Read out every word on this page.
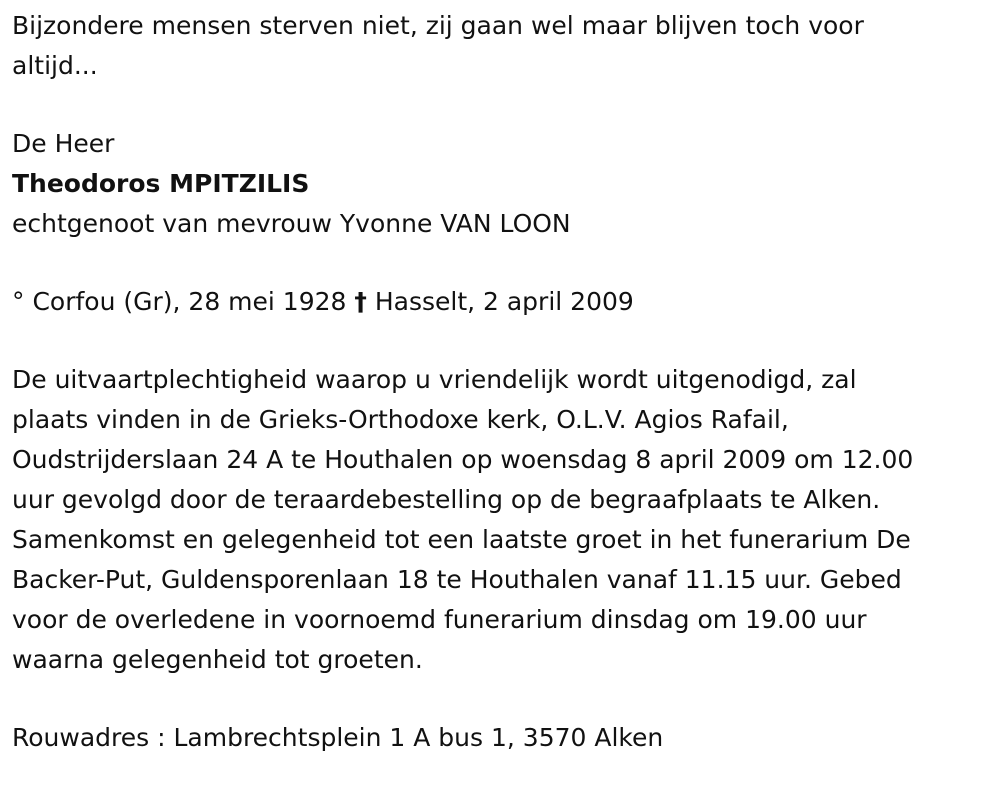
Bijzondere mensen sterven niet, zij gaan wel maar blijven toch voor
altijd...

De Heer

Theodoros MPITZILIS

echtgenoot van mevrouw Yvonne VAN LOON

° Corfou (Gr), 28 mei 1928 † Hasselt, 2 april 2009

De uitvaartplechtigheid waarop u vriendelijk wordt uitgenodigd, zal
plaats vinden in de Grieks-Orthodoxe kerk, O.L.V. Agios Rafail,
Oudstrijderslaan 24 A te Houthalen op woensdag 8 april 2009 om 12.00
uur gevolgd door de teraardebestelling op de begraafplaats te Alken.
Samenkomst en gelegenheid tot een laatste groet in het funerarium De
Backer-Put, Guldensporenlaan 18 te Houthalen vanaf 11.15 uur. Gebed
voor de overledene in voornoemd funerarium dinsdag om 19.00 uur
waarna gelegenheid tot groeten.

Rouwadres : Lambrechtsplein 1 A bus 1, 3570 Alken
